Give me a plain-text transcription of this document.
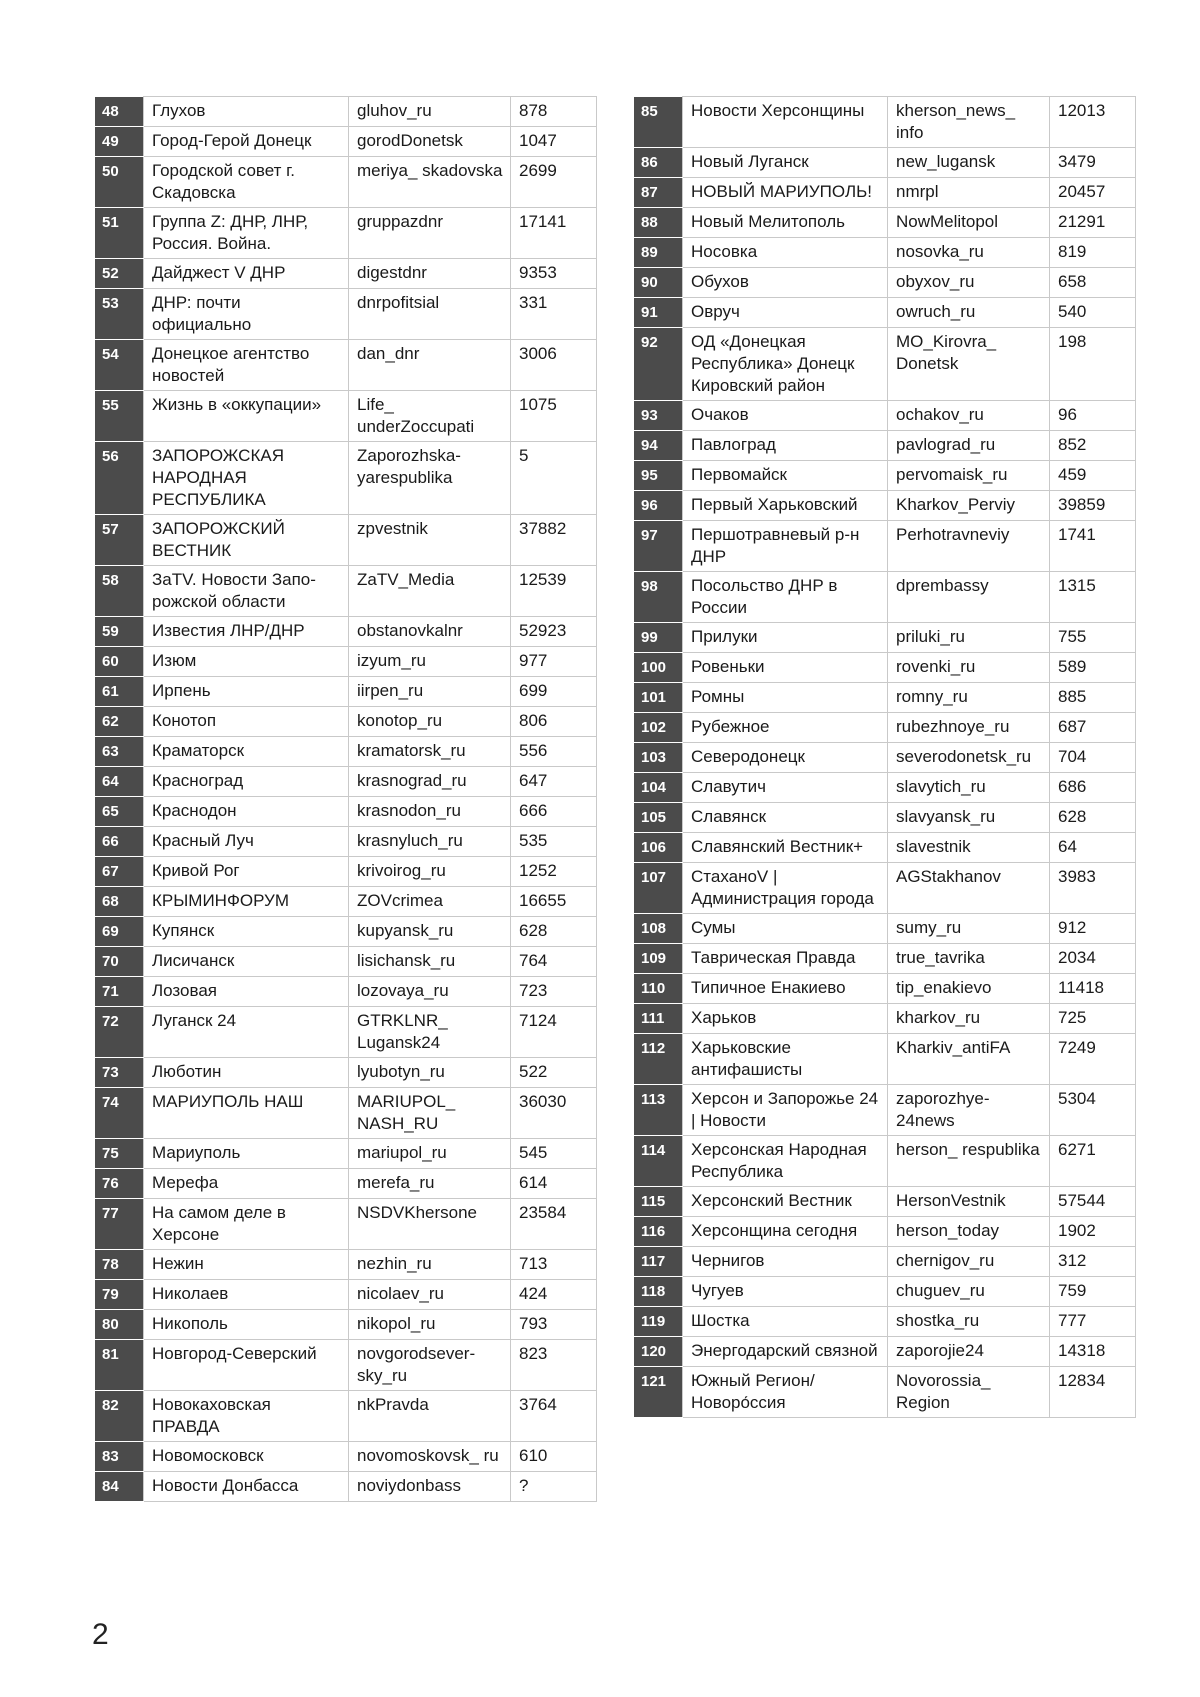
48	Глухов	gluhov_ru	878
49	Город-Герой Донецк	gorodDonetsk	1047
50	Городской совет г. Скадовска	meriya_ skadovska	2699
51	Группа Z: ДНР, ЛНР, Россия. Война.	gruppazdnr	17141
52	Дайджест V ДНР	digestdnr	9353
53	ДНР: почти официально	dnrpofitsial	331
54	Донецкое агентство новостей	dan_dnr	3006
55	Жизнь в «оккупации»	Life_ underZoccupati	1075
56	ЗАПОРОЖСКАЯ НАРОДНАЯ РЕСПУБЛИКА	Zaporozhska-yarespublika	5
57	ЗАПОРОЖСКИЙ ВЕСТНИК	zpvestnik	37882
58	ЗаTV. Новости Запо-рожской области	ZaTV_Media	12539
59	Известия ЛНР/ДНР	obstanovkalnr	52923
60	Изюм	izyum_ru	977
61	Ирпень	iirpen_ru	699
62	Конотоп	konotop_ru	806
63	Краматорск	kramatorsk_ru	556
64	Красноград	krasnograd_ru	647
65	Краснодон	krasnodon_ru	666
66	Красный Луч	krasnyluch_ru	535
67	Кривой Рог	krivoirog_ru	1252
68	КРЫМИНФОРУМ	ZOVcrimea	16655
69	Купянск	kupyansk_ru	628
70	Лисичанск	lisichansk_ru	764
71	Лозовая	lozovaya_ru	723
72	Луганск 24	GTRKLNR_ Lugansk24	7124
73	Люботин	lyubotyn_ru	522
74	МАРИУПОЛЬ НАШ	MARIUPOL_ NASH_RU	36030
75	Мариуполь	mariupol_ru	545
76	Мерефа	merefa_ru	614
77	На самом деле в Херсоне	NSDVKhersone	23584
78	Нежин	nezhin_ru	713
79	Николаев	nicolaev_ru	424
80	Никополь	nikopol_ru	793
81	Новгород-Северский	novgorodsever-sky_ru	823
82	Новокаховская ПРАВДА	nkPravda	3764
83	Новомосковск	novomoskovsk_ ru	610
84	Новости Донбасса	noviydonbass	?
85	Новости Херсонщины	kherson_news_ info	12013
86	Новый Луганск	new_lugansk	3479
87	НОВЫЙ МАРИУПОЛЬ!	nmrpl	20457
88	Новый Мелитополь	NowMelitopol	21291
89	Носовка	nosovka_ru	819
90	Обухов	obyxov_ru	658
91	Овруч	owruch_ru	540
92	ОД «Донецкая Республика» Донецк Кировский район	MO_Kirovra_ Donetsk	198
93	Очаков	ochakov_ru	96
94	Павлоград	pavlograd_ru	852
95	Первомайск	pervomaisk_ru	459
96	Первый Харьковский	Kharkov_Perviy	39859
97	Першотравневый р-н ДНР	Perhotravneviy	1741
98	Посольство ДНР в России	dprembassy	1315
99	Прилуки	priluki_ru	755
100	Ровеньки	rovenki_ru	589
101	Ромны	romny_ru	885
102	Рубежное	rubezhnoye_ru	687
103	Северодонецк	severodonetsk_ru	704
104	Славутич	slavytich_ru	686
105	Славянск	slavyansk_ru	628
106	Славянский Вестник+	slavestnik	64
107	СтаханоV | Администрация города	AGStakhanov	3983
108	Сумы	sumy_ru	912
109	Таврическая Правда	true_tavrika	2034
110	Типичное Енакиево	tip_enakievo	11418
111	Харьков	kharkov_ru	725
112	Харьковские антифашисты	Kharkiv_antiFA	7249
113	Херсон и Запорожье 24 | Новости	zaporozhye-24news	5304
114	Херсонская Народная Республика	herson_ respublika	6271
115	Херсонский Вестник	HersonVestnik	57544
116	Херсонщина сегодня	herson_today	1902
117	Чернигов	chernigov_ru	312
118	Чугуев	chuguev_ru	759
119	Шостка	shostka_ru	777
120	Энергодарский связной	zaporojie24	14318
121	Южный Регион/ Новоро́ссия	Novorossia_ Region	12834
2
